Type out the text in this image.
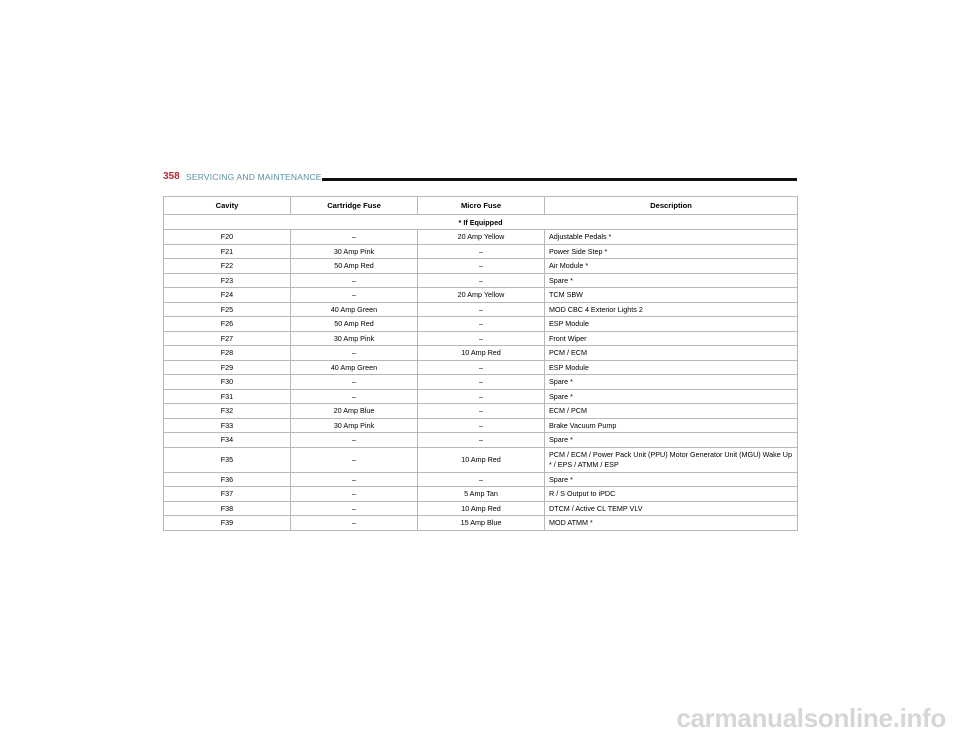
358 SERVICING AND MAINTENANCE
Cavity	Cartridge Fuse	Micro Fuse	Description
* If Equipped			
F20	–	20 Amp Yellow	Adjustable Pedals *
F21	30 Amp Pink	–	Power Side Step *
F22	50 Amp Red	–	Air Module *
F23	–	–	Spare *
F24	–	20 Amp Yellow	TCM SBW
F25	40 Amp Green	–	MOD CBC 4 Exterior Lights 2
F26	50 Amp Red	–	ESP Module
F27	30 Amp Pink	–	Front Wiper
F28	–	10 Amp Red	PCM / ECM
F29	40 Amp Green	–	ESP Module
F30	–	–	Spare *
F31	–	–	Spare *
F32	20 Amp Blue	–	ECM / PCM
F33	30 Amp Pink	–	Brake Vacuum Pump
F34	–	–	Spare *
F35	–	10 Amp Red	PCM / ECM / Power Pack Unit (PPU) Motor Generator Unit (MGU) Wake Up * / EPS / ATMM / ESP
F36	–	–	Spare *
F37	–	5 Amp Tan	R / S Output to iPDC
F38	–	10 Amp Red	DTCM / Active CL TEMP VLV
F39	–	15 Amp Blue	MOD ATMM *
carmanualsonline.info
